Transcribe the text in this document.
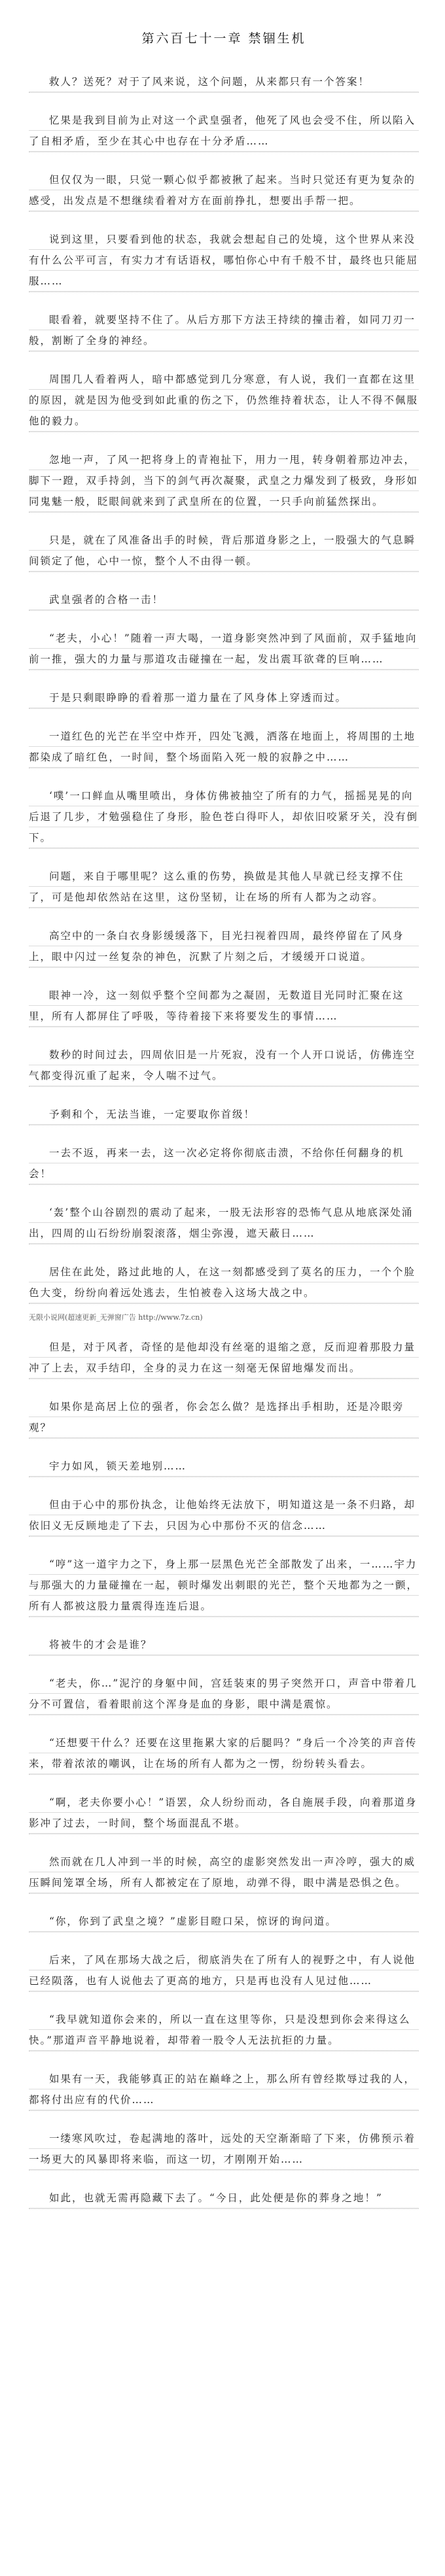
第六百七十一章 禁锢生机

救人？送死？对于了风来说，这个问题，从来都只有一个答案！

忆果是我到目前为止对这一个武皇强者，他死了风也会受不住，所以陷入了自相矛盾，至少在其心中也存在十分矛盾……

但仅仅为一眼，只觉一颗心似乎都被揪了起来。当时只觉还有更为复杂的感受，出发点是不想继续看着对方在面前挣扎，想要出手帮一把。

说到这里，只要看到他的状态，我就会想起自己的处境，这个世界从来没有什么公平可言，有实力才有话语权，哪怕你心中有千般不甘，最终也只能屈服……

眼看着，就要坚持不住了。从后方那下方法王持续的撞击着，如同刀刃一般，割断了全身的神经。

周围几人看着两人，暗中都感觉到几分寒意，有人说，我们一直都在这里的原因，就是因为他受到如此重的伤之下，仍然维持着状态，让人不得不佩服他的毅力。

忽地一声，了风一把将身上的青袍扯下，用力一甩，转身朝着那边冲去，脚下一蹬，双手持剑，当下的剑气再次凝聚，武皇之力爆发到了极致，身形如同鬼魅一般，眨眼间就来到了武皇所在的位置，一只手向前猛然探出。

只是，就在了风准备出手的时候，背后那道身影之上，一股强大的气息瞬间锁定了他，心中一惊，整个人不由得一顿。

武皇强者的合格一击！

“老夫，小心！”随着一声大喝，一道身影突然冲到了风面前，双手猛地向前一推，强大的力量与那道攻击碰撞在一起，发出震耳欲聋的巨响……

于是只剩眼睁睁的看着那一道力量在了风身体上穿透而过。

一道红色的光芒在半空中炸开，四处飞溅，洒落在地面上，将周围的土地都染成了暗红色，一时间，整个场面陷入死一般的寂静之中……

‘噗’一口鲜血从嘴里喷出，身体仿佛被抽空了所有的力气，摇摇晃晃的向后退了几步，才勉强稳住了身形，脸色苍白得吓人，却依旧咬紧牙关，没有倒下。

问题，来自于哪里呢？这么重的伤势，换做是其他人早就已经支撑不住了，可是他却依然站在这里，这份坚韧，让在场的所有人都为之动容。

高空中的一条白衣身影缓缓落下，目光扫视着四周，最终停留在了风身上，眼中闪过一丝复杂的神色，沉默了片刻之后，才缓缓开口说道。

眼神一冷，这一刻似乎整个空间都为之凝固，无数道目光同时汇聚在这里，所有人都屏住了呼吸，等待着接下来将要发生的事情……

数秒的时间过去，四周依旧是一片死寂，没有一个人开口说话，仿佛连空气都变得沉重了起来，令人喘不过气。

予剩和个，无法当谁，一定要取你首级！

一去不返，再来一去，这一次必定将你彻底击溃，不给你任何翻身的机会！

‘轰’整个山谷剧烈的震动了起来，一股无法形容的恐怖气息从地底深处涌出，四周的山石纷纷崩裂滚落，烟尘弥漫，遮天蔽日……

居住在此处，路过此地的人，在这一刻都感受到了莫名的压力，一个个脸色大变，纷纷向着远处逃去，生怕被卷入这场大战之中。

无限小说网(超速更新_无弹窗广告 http://www.7z.cn)

但是，对于风者，奇怪的是他却没有丝毫的退缩之意，反而迎着那股力量冲了上去，双手结印，全身的灵力在这一刻毫无保留地爆发而出。

如果你是高居上位的强者，你会怎么做？是选择出手相助，还是冷眼旁观？

宇力如风，锁天差地别……

但由于心中的那份执念，让他始终无法放下，明知道这是一条不归路，却依旧义无反顾地走了下去，只因为心中那份不灭的信念……

“哼”这一道宇力之下，身上那一层黑色光芒全部散发了出来，一……宇力与那强大的力量碰撞在一起，顿时爆发出刺眼的光芒，整个天地都为之一颤，所有人都被这股力量震得连连后退。

将被牛的才会是谁？

“老夫，你…”泥泞的身躯中间，宫廷装束的男子突然开口，声音中带着几分不可置信，看着眼前这个浑身是血的身影，眼中满是震惊。

“还想要干什么？还要在这里拖累大家的后腿吗？”身后一个冷笑的声音传来，带着浓浓的嘲讽，让在场的所有人都为之一愣，纷纷转头看去。

“啊，老夫你要小心！”语罢，众人纷纷而动，各自施展手段，向着那道身影冲了过去，一时间，整个场面混乱不堪。

然而就在几人冲到一半的时候，高空的虚影突然发出一声冷哼，强大的威压瞬间笼罩全场，所有人都被定在了原地，动弹不得，眼中满是恐惧之色。

“你，你到了武皇之境？”虚影目瞪口呆，惊讶的询问道。

后来，了风在那场大战之后，彻底消失在了所有人的视野之中，有人说他已经陨落，也有人说他去了更高的地方，只是再也没有人见过他……

“我早就知道你会来的，所以一直在这里等你，只是没想到你会来得这么快。”那道声音平静地说着，却带着一股令人无法抗拒的力量。

如果有一天，我能够真正的站在巅峰之上，那么所有曾经欺辱过我的人，都将付出应有的代价……

一缕寒风吹过，卷起满地的落叶，远处的天空渐渐暗了下来，仿佛预示着一场更大的风暴即将来临，而这一切，才刚刚开始……

如此，也就无需再隐藏下去了。“今日，此处便是你的葬身之地！”
